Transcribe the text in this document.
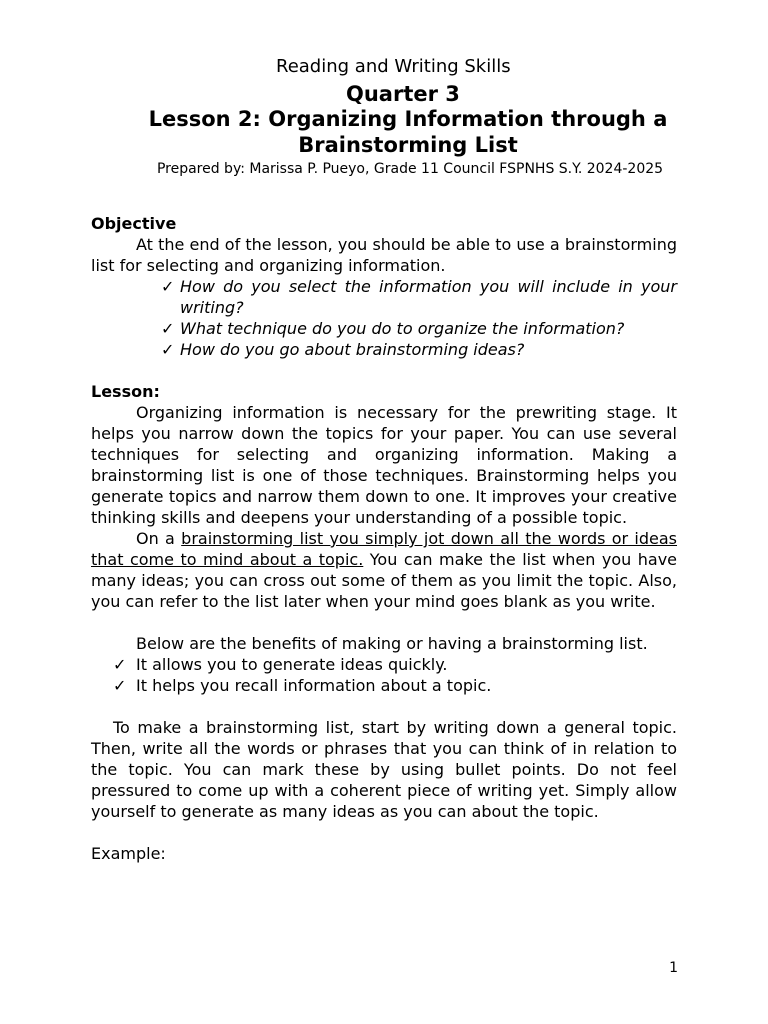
Reading and Writing Skills
Quarter 3
Lesson 2: Organizing Information through a Brainstorming List
Prepared by: Marissa P. Pueyo, Grade 11 Council FSPNHS S.Y. 2024-2025
Objective

At the end of the lesson, you should be able to use a brainstorming list for selecting and organizing information.

✓ How do you select the information you will include in your writing?
✓ What technique do you do to organize the information?
✓ How do you go about brainstorming ideas?
Lesson:

Organizing information is necessary for the prewriting stage. It helps you narrow down the topics for your paper. You can use several techniques for selecting and organizing information. Making a brainstorming list is one of those techniques. Brainstorming helps you generate topics and narrow them down to one. It improves your creative thinking skills and deepens your understanding of a possible topic.

On a brainstorming list you simply jot down all the words or ideas that come to mind about a topic. You can make the list when you have many ideas; you can cross out some of them as you limit the topic. Also, you can refer to the list later when your mind goes blank as you write.

Below are the benefits of making or having a brainstorming list.

✓ It allows you to generate ideas quickly.
✓ It helps you recall information about a topic.

To make a brainstorming list, start by writing down a general topic. Then, write all the words or phrases that you can think of in relation to the topic. You can mark these by using bullet points. Do not feel pressured to come up with a coherent piece of writing yet. Simply allow yourself to generate as many ideas as you can about the topic.

Example:
1
